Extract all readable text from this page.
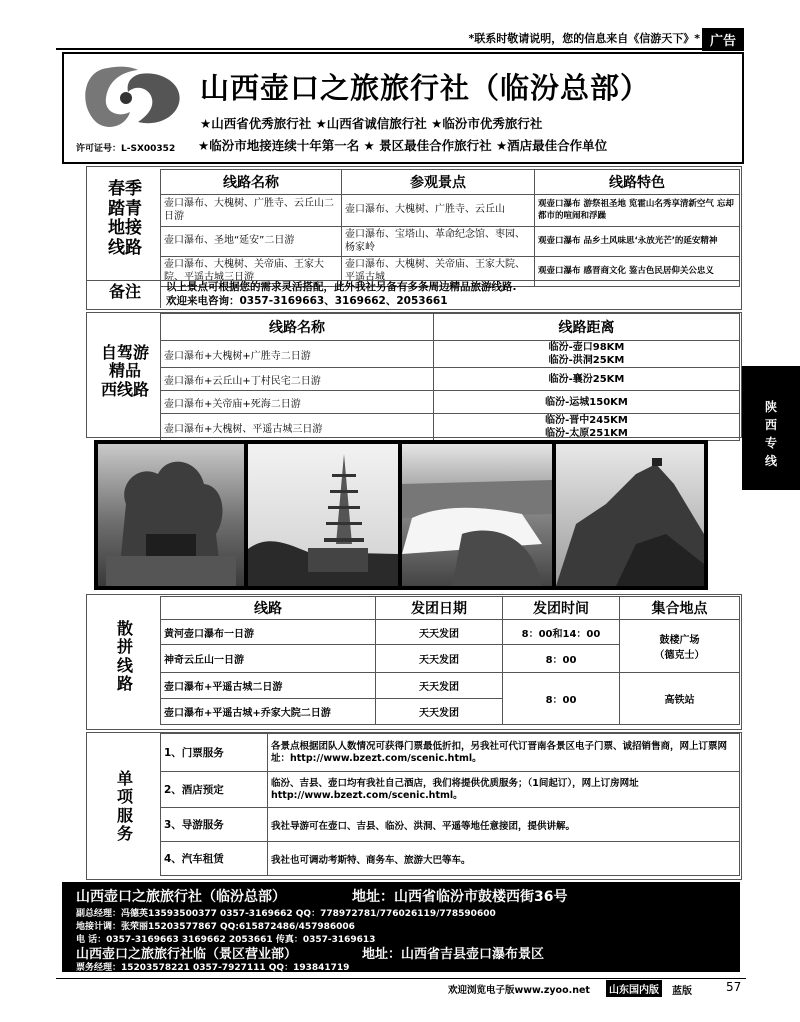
*联系时敬请说明，您的信息来自《信游天下》* 广告
山西壶口之旅旅行社（临汾总部）
★山西省优秀旅行社 ★山西省诚信旅行社 ★临汾市优秀旅行社
许可证号：L-SX00352 ★临汾市地接连续十年第一名 ★ 景区最佳合作旅行社 ★酒店最佳合作单位
春季
踏青
地接
线路
线路名称	参观景点	线路特色
壶口瀑布、大槐树、广胜寺、云丘山二日游	壶口瀑布、大槐树、广胜寺、云丘山	观壶口瀑布 游祭祖圣地 览霍山名秀享清新空气 忘却都市的喧闹和浮躁
壶口瀑布、圣地“延安”二日游	壶口瀑布、宝塔山、革命纪念馆、枣园、杨家岭	观壶口瀑布 品乡土风味思‘永放光芒’的延安精神
壶口瀑布、大槐树、关帝庙、王家大院、平遥古城三日游	壶口瀑布、大槐树、关帝庙、王家大院、平遥古城	观壶口瀑布 感晋商文化 鉴古色民居仰关公忠义
备注	以上景点可根据您的需求灵活搭配，此外我社另备有多条周边精品旅游线路.
欢迎来电咨询：0357-3169663、3169662、2053661
自驾游
精品
西线路
线路名称	线路距离
壶口瀑布+大槐树+广胜寺二日游	临汾-壶口98KM
临汾-洪洞25KM

壶口瀑布+云丘山+丁村民宅二日游	临汾-襄汾25KM

壶口瀑布+关帝庙+死海二日游	临汾-运城150KM

壶口瀑布+大槐树、平遥古城三日游	临汾-晋中245KM
临汾-太原251KM
陕西专线
散
拼
线
路
线路	发团日期	发团时间	集合地点
黄河壶口瀑布一日游	天天发团	8：00和14：00	鼓楼广场
（德克士）

神奇云丘山一日游	天天发团	8：00	
壶口瀑布+平遥古城二日游	天天发团	8：00	高铁站
壶口瀑布+平遥古城+乔家大院二日游	天天发团		
单
项
服
务
1、门票服务	各景点根据团队人数情况可获得门票最低折扣，另我社可代订晋南各景区电子门票、诚招销售商，网上订票网址：http://www.bzezt.com/scenic.html。
2、酒店预定	临汾、吉县、壶口均有我社自己酒店，我们将提供优质服务；（1间起订），网上订房网址http://www.bzezt.com/scenic.html。
3、导游服务	我社导游可在壶口、吉县、临汾、洪洞、平遥等地任意接团，提供讲解。
4、汽车租赁	我社也可调动考斯特、商务车、旅游大巴等车。
山西壶口之旅旅行社（临汾总部）	地址：山西省临汾市鼓楼西街36号
副总经理：冯德英13593500377 0357-3169662 QQ：778972781/776026119/778590600
地接计调：张荣丽15203577867 QQ:615872486/457986006
电 话：0357-3169663 3169662 2053661 传真：0357-3169613
山西壶口之旅旅行社临（景区营业部）	地址：山西省吉县壶口瀑布景区
票务经理：15203578221 0357-7927111 QQ：193841719
欢迎浏览电子版www.zyoo.net	山东国内版	蓝版	57
